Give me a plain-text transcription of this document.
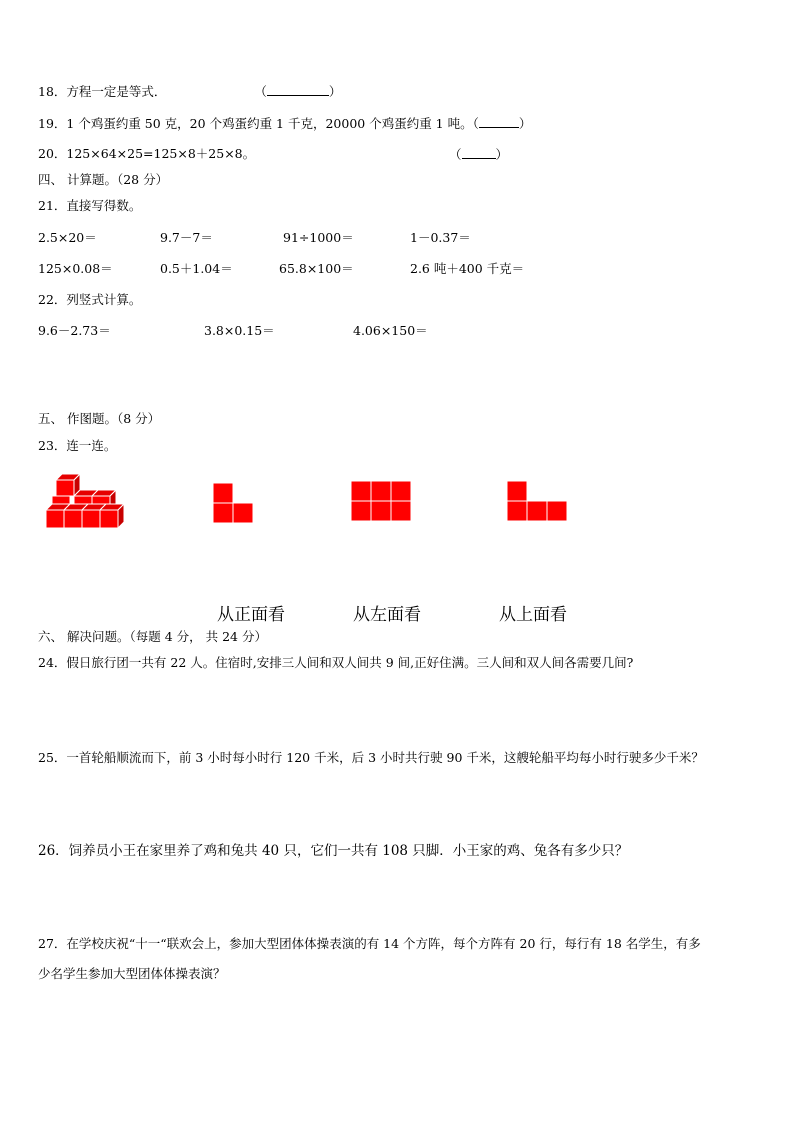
18．方程一定是等式．	（	）
19．1 个鸡蛋约重 50 克，20 个鸡蛋约重 1 千克，20000 个鸡蛋约重 1 吨。（	）
20．125×64×25=125×8＋25×8。	（	）
四、 计算题。（28 分）
21．直接写得数。
2.5×20＝	9.7－7＝	91÷1000＝	1－0.37＝
125×0.08＝	0.5＋1.04＝	65.8×100＝	2.6 吨＋400 千克＝
22．列竖式计算。
9.6－2.73＝	3.8×0.15＝	4.06×150＝
五、 作图题。（8 分）
23．连一连。
从正面看	从左面看	从上面看
六、 解决问题。（每题 4 分， 共 24 分）
24．假日旅行团一共有 22 人。住宿时,安排三人间和双人间共 9 间,正好住满。三人间和双人间各需要几间?
25．一首轮船顺流而下，前 3 小时每小时行 120 千米，后 3 小时共行驶 90 千米，这艘轮船平均每小时行驶多少千米？
26．饲养员小王在家里养了鸡和兔共 40 只，它们一共有 108 只脚．小王家的鸡、兔各有多少只？
27．在学校庆祝“十一“联欢会上，参加大型团体体操表演的有 14 个方阵，每个方阵有 20 行，每行有 18 名学生，有多
少名学生参加大型团体体操表演？
